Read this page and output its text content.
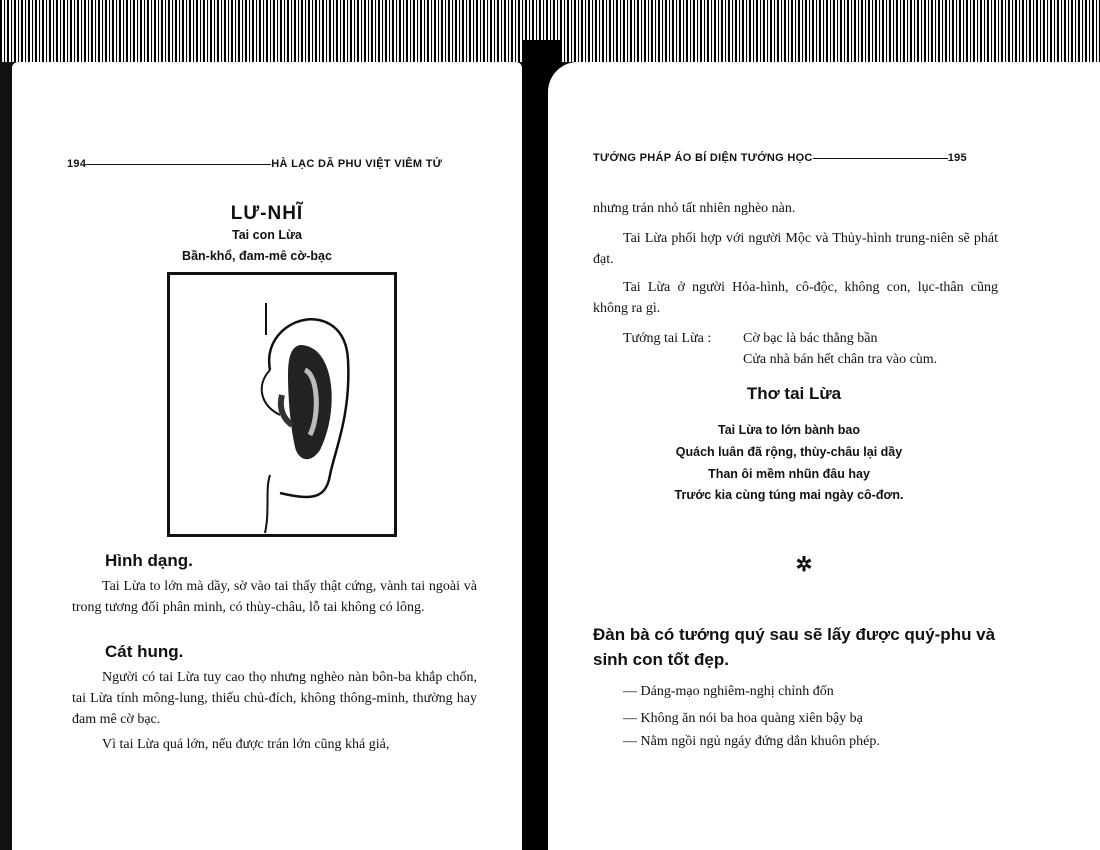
194	HÀ LẠC DÃ PHU VIỆT VIÊM TỬ
LƯ-NHĨ
Tai con Lừa
Bần-khổ, đam-mê cờ-bạc
Hình dạng.
Tai Lừa to lớn mà dầy, sờ vào tai thấy thật cứng, vành tai ngoài và trong tương đối phân minh, có thùy-châu, lỗ tai không có lông.
Cát hung.
Người có tai Lừa tuy cao thọ nhưng nghèo nàn bôn-ba khắp chốn, tai Lừa tính mông-lung, thiếu chủ-đích, không thông-minh, thường hay đam mê cờ bạc.
Vì tai Lừa quá lớn, nếu được trán lớn cũng khá giả,
TƯỚNG PHÁP ÁO BÍ DIỆN TƯỚNG HỌC	195
nhưng trán nhỏ tất nhiên nghèo nàn.
Tai Lừa phối hợp với người Mộc và Thủy-hình trung-niên sẽ phát đạt.
Tai Lừa ở người Hỏa-hình, cô-độc, không con, lục-thân cũng không ra gì.
Tướng tai Lừa : Cờ bạc là bác thằng bần
Cửa nhà bán hết chân tra vào cùm.
Thơ tai Lừa
Tai Lừa to lớn bành bao
Quách luân đã rộng, thùy-châu lại dầy
Than ôi mềm nhũn đâu hay
Trước kia cùng túng mai ngày cô-đơn.
✲
Đàn bà có tướng quý sau sẽ lấy được quý-phu và sinh con tốt đẹp.
— Dáng-mạo nghiêm-nghị chỉnh đốn
— Không ăn nói ba hoa quàng xiên bậy bạ
— Nằm ngồi ngủ ngáy đứng dắn khuôn phép.
